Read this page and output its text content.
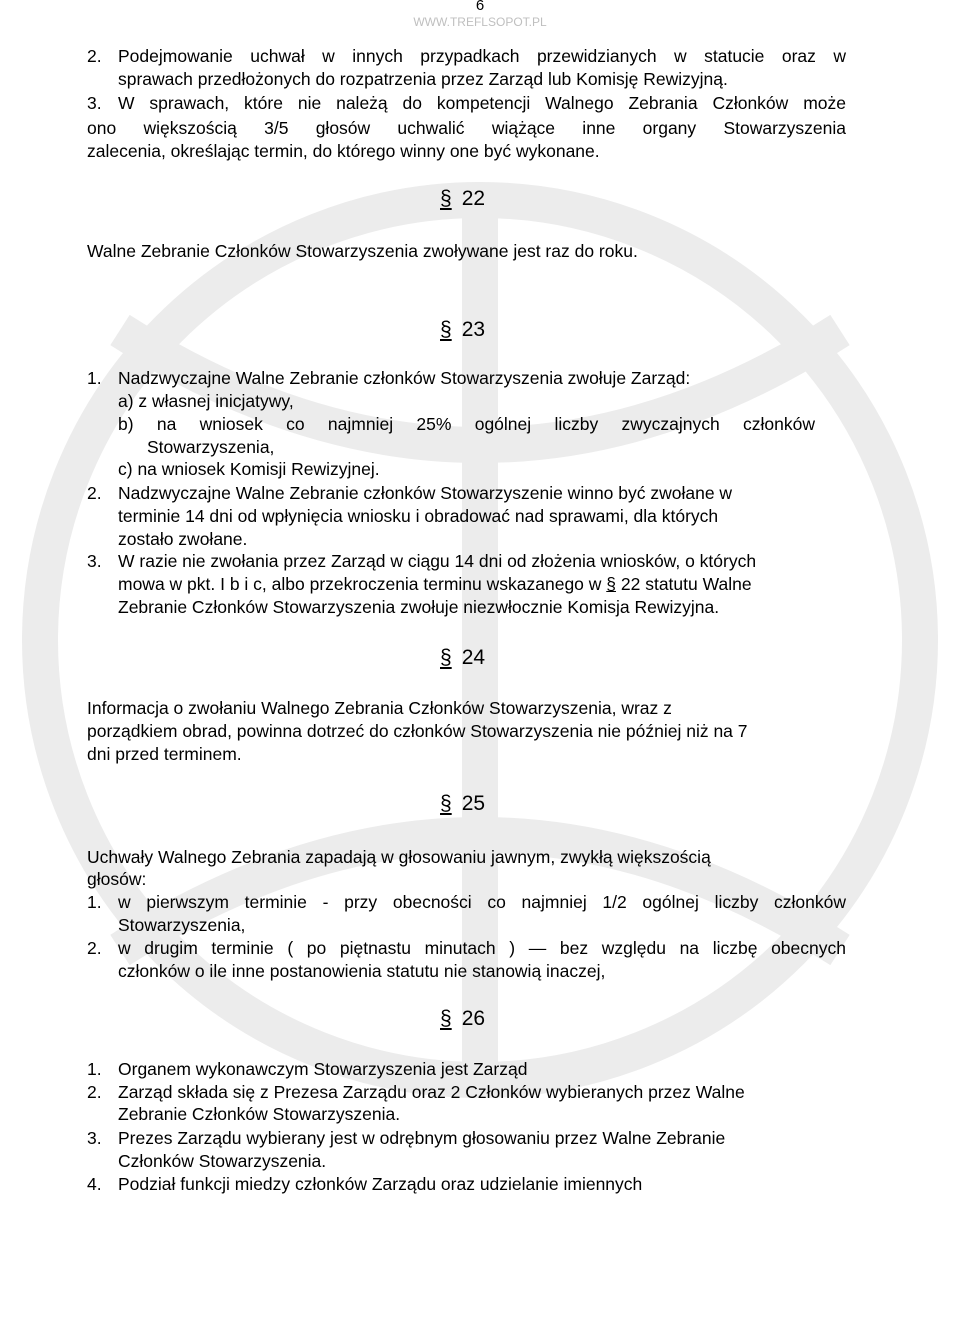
6
WWW.TREFLSOPOT.PL
2. Podejmowanie uchwał w innych przypadkach przewidzianych w statucie oraz w
sprawach przedłożonych do rozpatrzenia przez Zarząd lub Komisję Rewizyjną.
3. W sprawach, które nie należą do kompetencji Walnego Zebrania Członków może
ono większością 3/5 głosów uchwalić wiążące inne organy Stowarzyszenia
zalecenia, określając termin, do którego winny one być wykonane.
§ 22
Walne Zebranie Członków Stowarzyszenia zwoływane jest raz do roku.
§ 23
1. Nadzwyczajne Walne Zebranie członków Stowarzyszenia zwołuje Zarząd:
a) z własnej inicjatywy,
b) na wniosek co najmniej 25% ogólnej liczby zwyczajnych członków
Stowarzyszenia,
c) na wniosek Komisji Rewizyjnej.
2. Nadzwyczajne Walne Zebranie członków Stowarzyszenie winno być zwołane w
terminie 14 dni od wpłynięcia wniosku i obradować nad sprawami, dla których
zostało zwołane.
3. W razie nie zwołania przez Zarząd w ciągu 14 dni od złożenia wniosków, o których
mowa w pkt. I b i c, albo przekroczenia terminu wskazanego w § 22 statutu Walne
Zebranie Członków Stowarzyszenia zwołuje niezwłocznie Komisja Rewizyjna.
§ 24
Informacja o zwołaniu Walnego Zebrania Członków Stowarzyszenia, wraz z
porządkiem obrad, powinna dotrzeć do członków Stowarzyszenia nie później niż na 7
dni przed terminem.
§ 25
Uchwały Walnego Zebrania zapadają w głosowaniu jawnym, zwykłą większością
głosów:
1. w pierwszym terminie - przy obecności co najmniej 1/2 ogólnej liczby członków
Stowarzyszenia,
2. w drugim terminie ( po piętnastu minutach ) — bez względu na liczbę obecnych
członków o ile inne postanowienia statutu nie stanowią inaczej,
§ 26
1. Organem wykonawczym Stowarzyszenia jest Zarząd
2. Zarząd składa się z Prezesa Zarządu oraz 2 Członków wybieranych przez Walne
Zebranie Członków Stowarzyszenia.
3. Prezes Zarządu wybierany jest w odrębnym głosowaniu przez Walne Zebranie
Członków Stowarzyszenia.
4. Podział funkcji miedzy członków Zarządu oraz udzielanie imiennych
